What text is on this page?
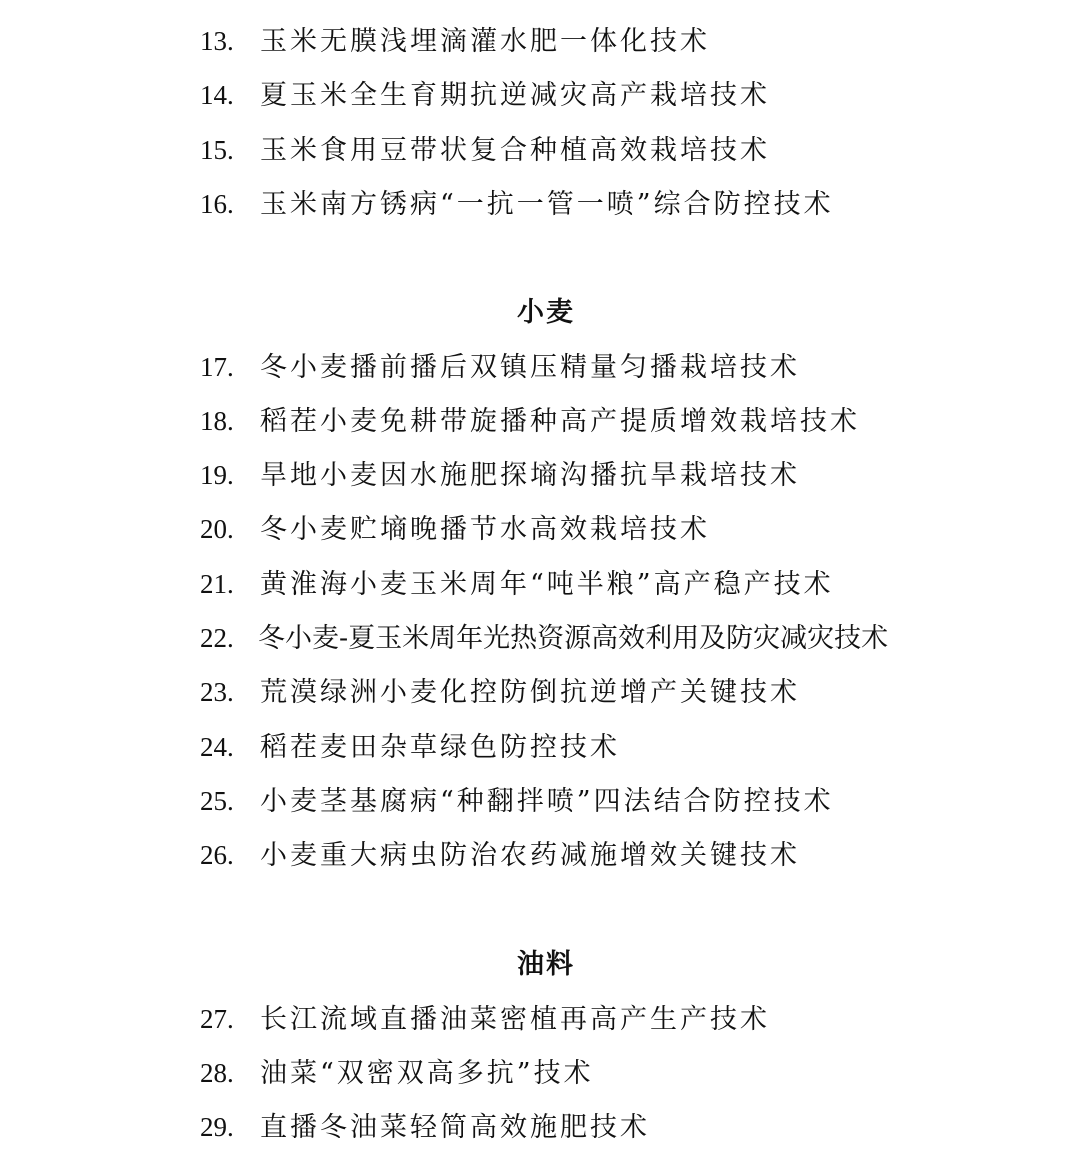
13. 玉米无膜浅埋滴灌水肥一体化技术
14. 夏玉米全生育期抗逆减灾高产栽培技术
15. 玉米食用豆带状复合种植高效栽培技术
16. 玉米南方锈病“一抗一管一喷”综合防控技术
小麦
17. 冬小麦播前播后双镇压精量匀播栽培技术
18. 稻茬小麦免耕带旋播种高产提质增效栽培技术
19. 旱地小麦因水施肥探墒沟播抗旱栽培技术
20. 冬小麦贮墒晚播节水高效栽培技术
21. 黄淮海小麦玉米周年“吨半粮”高产稳产技术
22. 冬小麦-夏玉米周年光热资源高效利用及防灾减灾技术
23. 荒漠绿洲小麦化控防倒抗逆增产关键技术
24. 稻茬麦田杂草绿色防控技术
25. 小麦茎基腐病“种翻拌喷”四法结合防控技术
26. 小麦重大病虫防治农药减施增效关键技术
油料
27. 长江流域直播油菜密植再高产生产技术
28. 油菜“双密双高多抗”技术
29. 直播冬油菜轻简高效施肥技术
